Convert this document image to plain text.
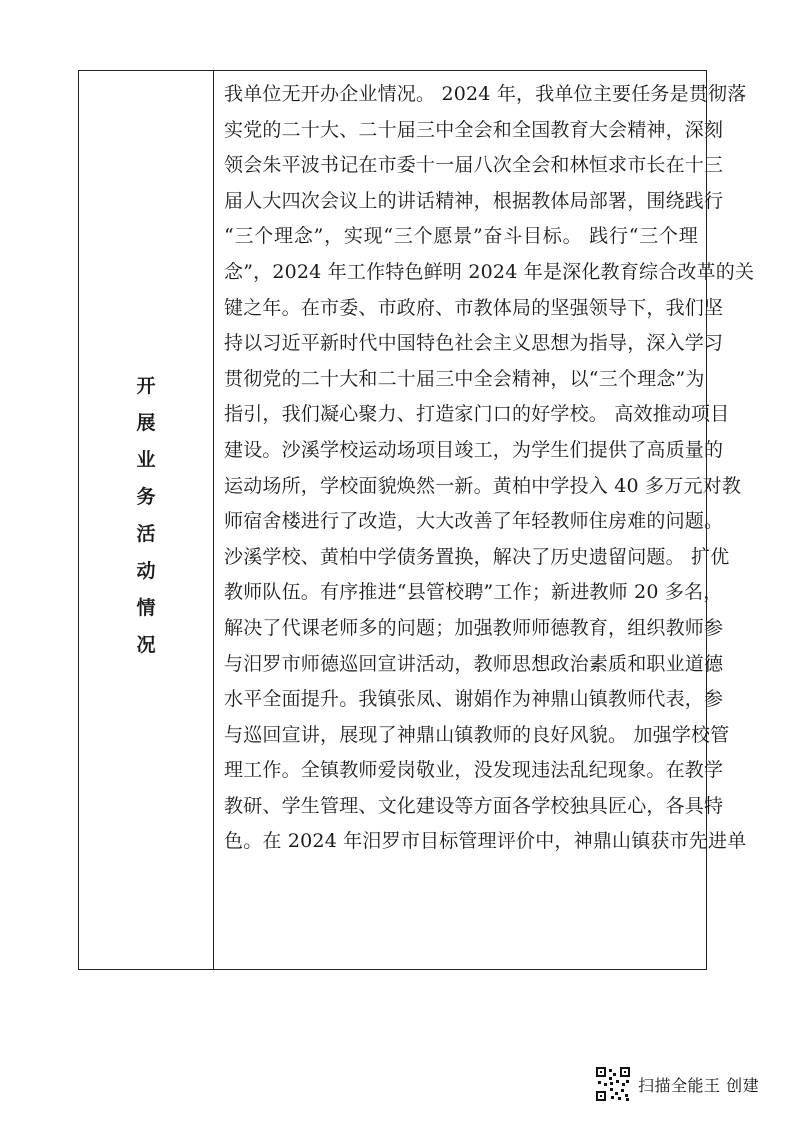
开
展
业
务
活
动
情
况
我单位无开办企业情况。 2024 年，我单位主要任务是贯彻落
实党的二十大、二十届三中全会和全国教育大会精神，深刻
领会朱平波书记在市委十一届八次全会和林恒求市长在十三
届人大四次会议上的讲话精神，根据教体局部署，围绕践行
“三个理念”，实现“三个愿景”奋斗目标。 践行“三个理
念”，2024 年工作特色鲜明 2024 年是深化教育综合改革的关
键之年。在市委、市政府、市教体局的坚强领导下，我们坚
持以习近平新时代中国特色社会主义思想为指导，深入学习
贯彻党的二十大和二十届三中全会精神，以“三个理念”为
指引，我们凝心聚力、打造家门口的好学校。 高效推动项目
建设。沙溪学校运动场项目竣工，为学生们提供了高质量的
运动场所，学校面貌焕然一新。黄柏中学投入 40 多万元对教
师宿舍楼进行了改造，大大改善了年轻教师住房难的问题。
沙溪学校、黄柏中学债务置换，解决了历史遗留问题。 扩优
教师队伍。有序推进“县管校聘”工作；新进教师 20 多名，
解决了代课老师多的问题；加强教师师德教育，组织教师参
与汨罗市师德巡回宣讲活动，教师思想政治素质和职业道德
水平全面提升。我镇张凤、谢娟作为神鼎山镇教师代表，参
与巡回宣讲，展现了神鼎山镇教师的良好风貌。 加强学校管
理工作。全镇教师爱岗敬业，没发现违法乱纪现象。在教学
教研、学生管理、文化建设等方面各学校独具匠心，各具特
色。在 2024 年汨罗市目标管理评价中，神鼎山镇获市先进单
扫描全能王 创建
